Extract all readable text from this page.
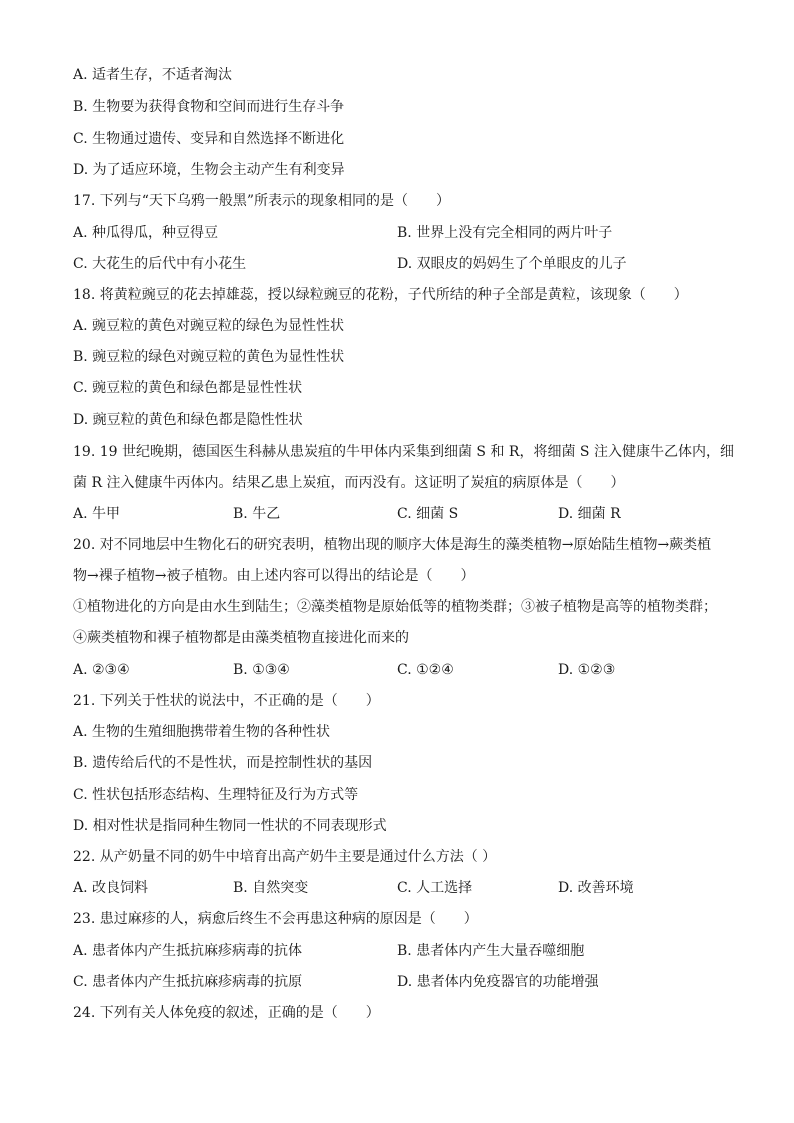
A. 适者生存，不适者淘汰
B. 生物要为获得食物和空间而进行生存斗争
C. 生物通过遗传、变异和自然选择不断进化
D. 为了适应环境，生物会主动产生有利变异
17. 下列与“天下乌鸦一般黑”所表示的现象相同的是（　　）
A. 种瓜得瓜，种豆得豆	B. 世界上没有完全相同的两片叶子
C. 大花生的后代中有小花生	D. 双眼皮的妈妈生了个单眼皮的儿子
18. 将黄粒豌豆的花去掉雄蕊，授以绿粒豌豆的花粉，子代所结的种子全部是黄粒，该现象（　　）
A. 豌豆粒的黄色对豌豆粒的绿色为显性性状
B. 豌豆粒的绿色对豌豆粒的黄色为显性性状
C. 豌豆粒的黄色和绿色都是显性性状
D. 豌豆粒的黄色和绿色都是隐性性状
19. 19 世纪晚期，德国医生科赫从患炭疽的牛甲体内采集到细菌 S 和 R，将细菌 S 注入健康牛乙体内，细
菌 R 注入健康牛丙体内。结果乙患上炭疽，而丙没有。这证明了炭疽的病原体是（　　）
A. 牛甲	B. 牛乙	C. 细菌 S	D. 细菌 R
20. 对不同地层中生物化石的研究表明，植物出现的顺序大体是海生的藻类植物→原始陆生植物→蕨类植
物→裸子植物→被子植物。由上述内容可以得出的结论是（　　）
①植物进化的方向是由水生到陆生；②藻类植物是原始低等的植物类群；③被子植物是高等的植物类群；
④蕨类植物和裸子植物都是由藻类植物直接进化而来的
A. ②③④	B. ①③④	C. ①②④	D. ①②③
21. 下列关于性状的说法中，不正确的是（　　）
A. 生物的生殖细胞携带着生物的各种性状
B. 遗传给后代的不是性状，而是控制性状的基因
C. 性状包括形态结构、生理特征及行为方式等
D. 相对性状是指同种生物同一性状的不同表现形式
22. 从产奶量不同的奶牛中培育出高产奶牛主要是通过什么方法（ ）
A. 改良饲料	B. 自然突变	C. 人工选择	D. 改善环境
23. 患过麻疹的人，病愈后终生不会再患这种病的原因是（　　）
A. 患者体内产生抵抗麻疹病毒的抗体	B. 患者体内产生大量吞噬细胞
C. 患者体内产生抵抗麻疹病毒的抗原	D. 患者体内免疫器官的功能增强
24. 下列有关人体免疫的叙述，正确的是（　　）
